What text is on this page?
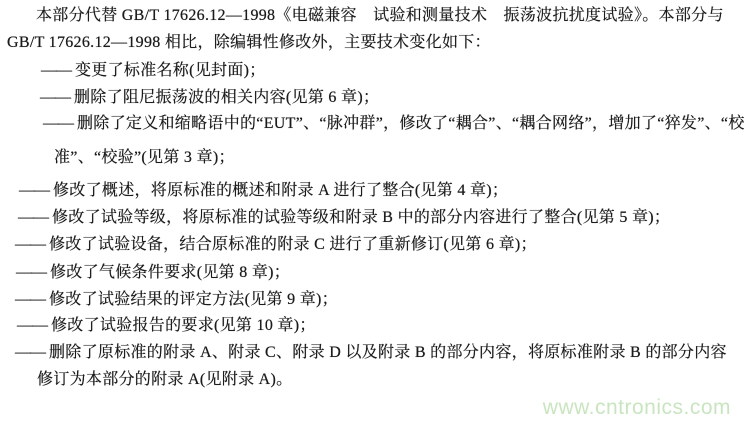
本部分代替 GB/T 17626.12—1998《电磁兼容　试验和测量技术　振荡波抗扰度试验》。本部分与
GB/T 17626.12—1998 相比，除编辑性修改外，主要技术变化如下：
—— 变更了标准名称(见封面)；
—— 删除了阻尼振荡波的相关内容(见第 6 章)；
—— 删除了定义和缩略语中的“EUT”、“脉冲群”，修改了“耦合”、“耦合网络”，增加了“猝发”、“校
准”、“校验”(见第 3 章)；
—— 修改了概述，将原标准的概述和附录 A 进行了整合(见第 4 章)；
—— 修改了试验等级，将原标准的试验等级和附录 B 中的部分内容进行了整合(见第 5 章)；
—— 修改了试验设备，结合原标准的附录 C 进行了重新修订(见第 6 章)；
—— 修改了气候条件要求(见第 8 章)；
—— 修改了试验结果的评定方法(见第 9 章)；
—— 修改了试验报告的要求(见第 10 章)；
—— 删除了原标准的附录 A、附录 C、附录 D 以及附录 B 的部分内容，将原标准附录 B 的部分内容
修订为本部分的附录 A(见附录 A)。
www.cntronics.com
